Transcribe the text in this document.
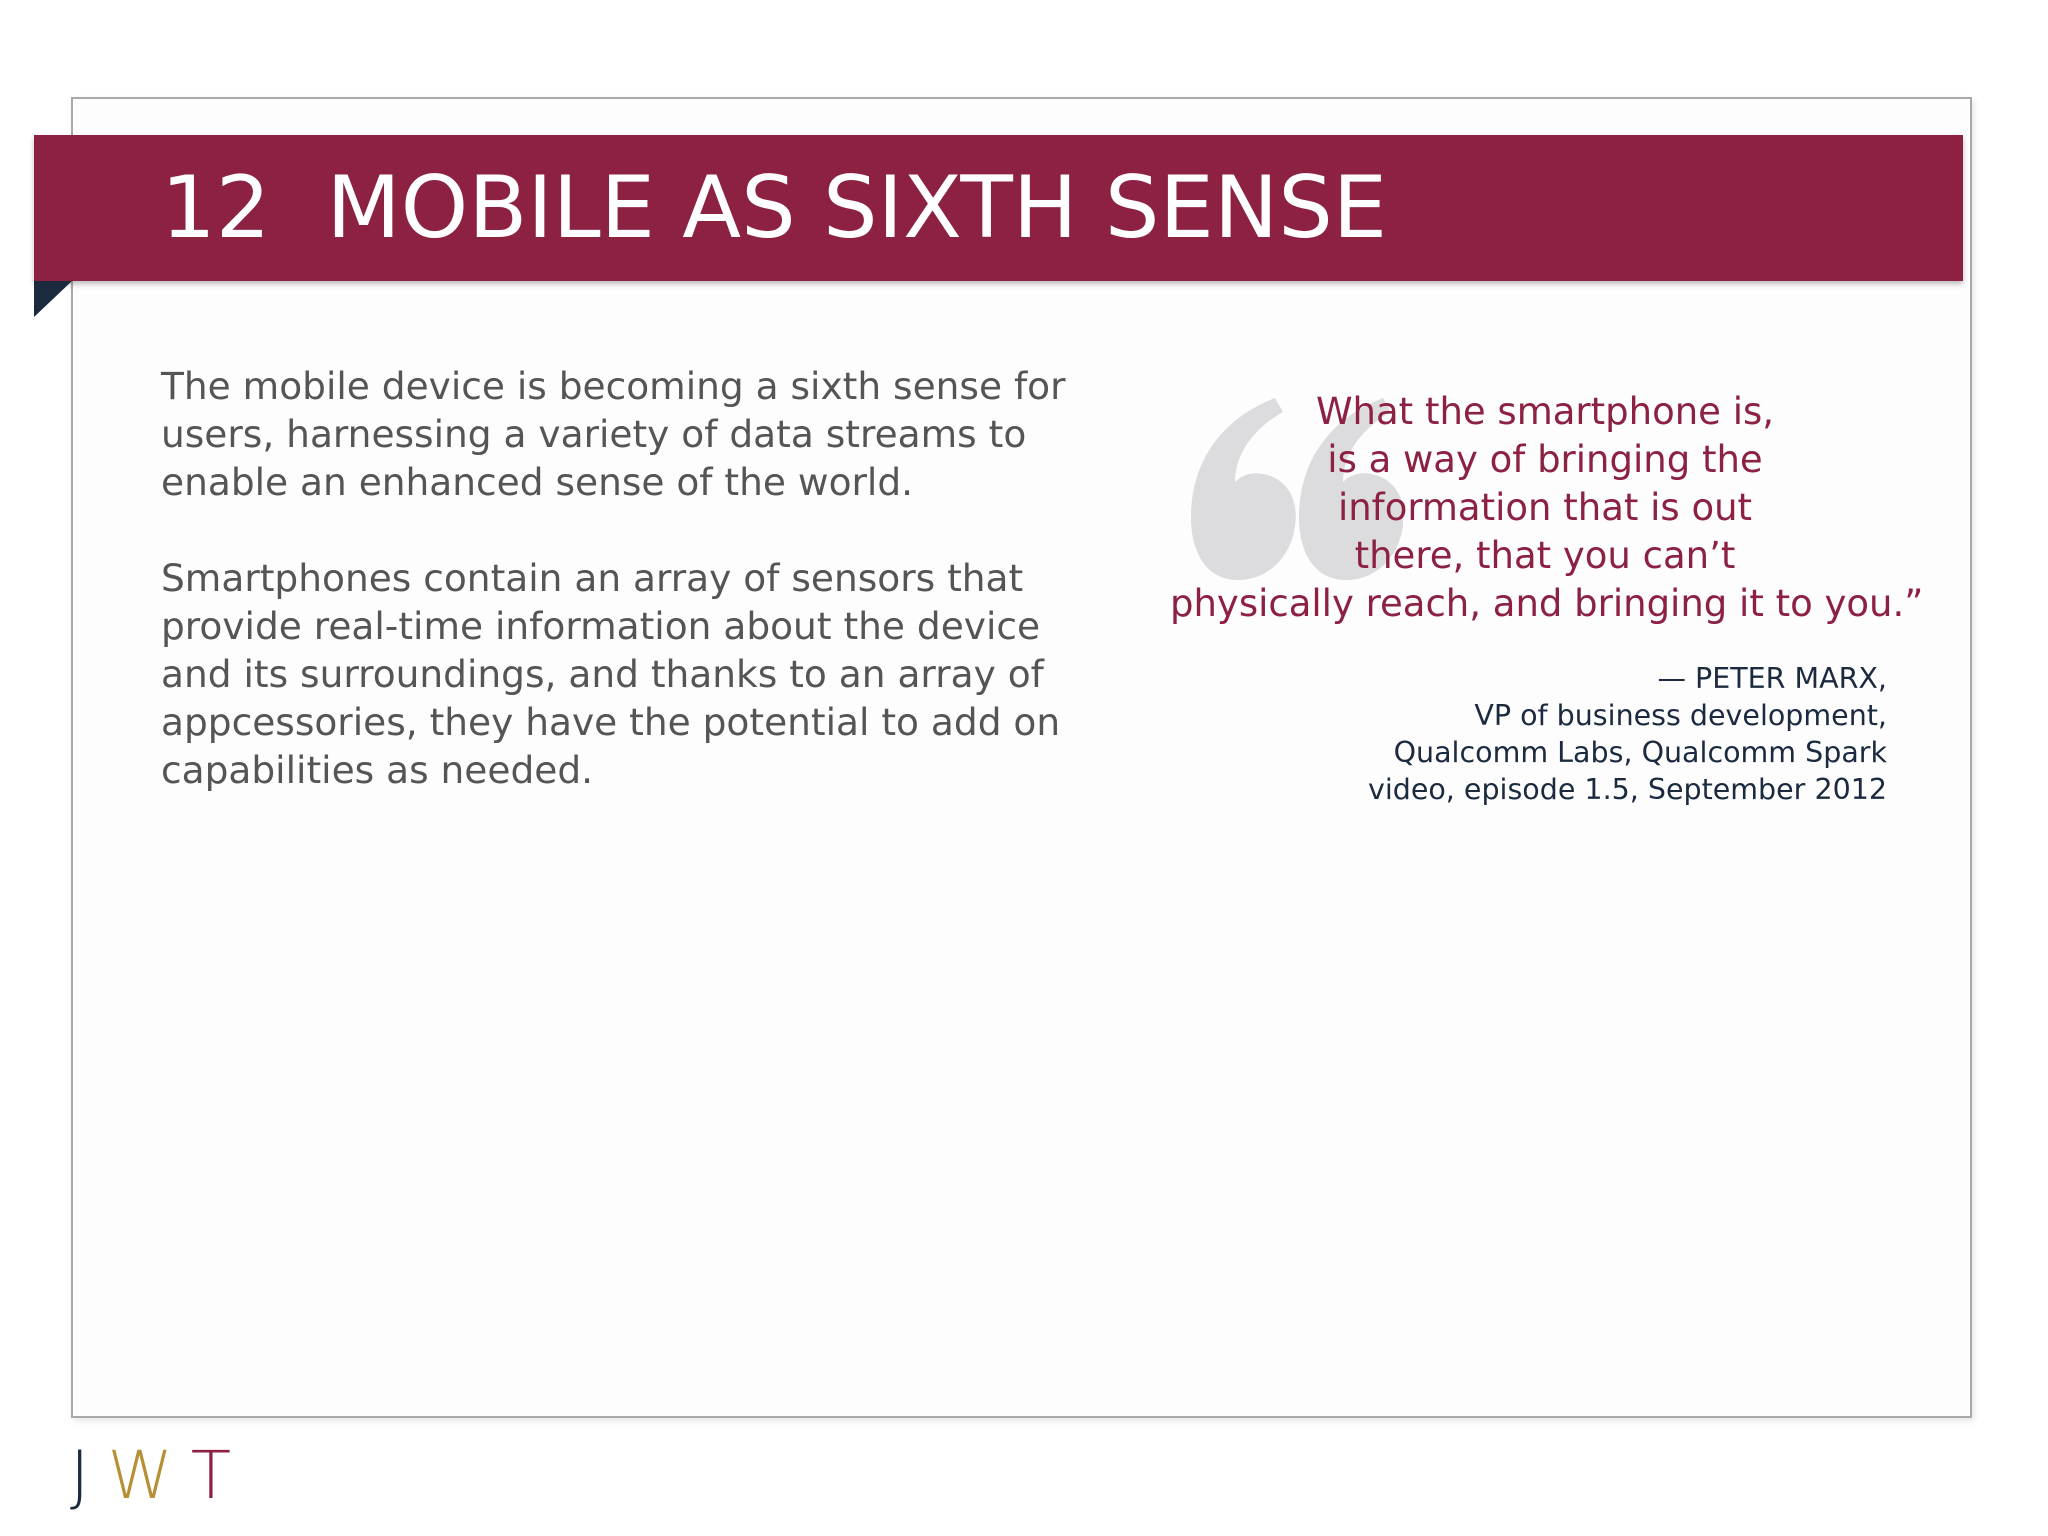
12 MOBILE AS SIXTH SENSE

The mobile device is becoming a sixth sense for users, harnessing a variety of data streams to enable an enhanced sense of the world.

Smartphones contain an array of sensors that provide real-time information about the device and its surroundings, and thanks to an array of appcessories, they have the potential to add on capabilities as needed.

What the smartphone is,
is a way of bringing the
information that is out
there, that you can’t
physically reach, and bringing it to you.”
— PETER MARX,
VP of business development,
Qualcomm Labs, Qualcomm Spark
video, episode 1.5, September 2012
J W T
